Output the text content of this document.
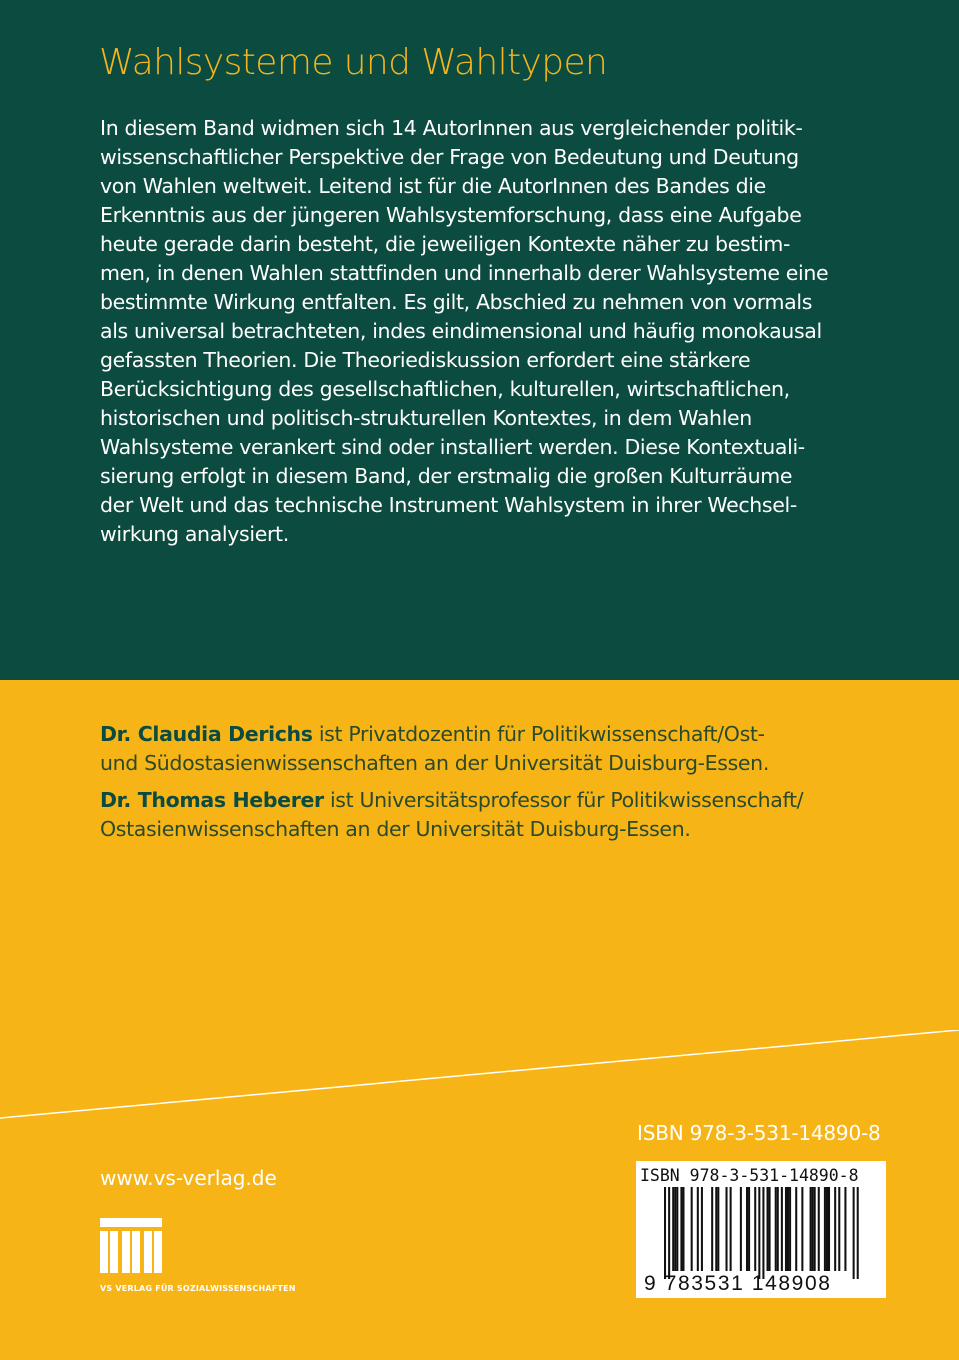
Wahlsysteme und Wahltypen
In diesem Band widmen sich 14 AutorInnen aus vergleichender politik-
wissenschaftlicher Perspektive der Frage von Bedeutung und Deutung
von Wahlen weltweit. Leitend ist für die AutorInnen des Bandes die
Erkenntnis aus der jüngeren Wahlsystemforschung, dass eine Aufgabe
heute gerade darin besteht, die jeweiligen Kontexte näher zu bestim-
men, in denen Wahlen stattfinden und innerhalb derer Wahlsysteme eine
bestimmte Wirkung entfalten. Es gilt, Abschied zu nehmen von vormals
als universal betrachteten, indes eindimensional und häufig monokausal
gefassten Theorien. Die Theoriediskussion erfordert eine stärkere
Berücksichtigung des gesellschaftlichen, kulturellen, wirtschaftlichen,
historischen und politisch-strukturellen Kontextes, in dem Wahlen
Wahlsysteme verankert sind oder installiert werden. Diese Kontextuali-
sierung erfolgt in diesem Band, der erstmalig die großen Kulturräume
der Welt und das technische Instrument Wahlsystem in ihrer Wechsel-
wirkung analysiert.
Dr. Claudia Derichs ist Privatdozentin für Politikwissenschaft/Ost-
und Südostasienwissenschaften an der Universität Duisburg-Essen.
Dr. Thomas Heberer ist Universitätsprofessor für Politikwissenschaft/
Ostasienwissenschaften an der Universität Duisburg-Essen.
ISBN 978-3-531-14890-8
www.vs-verlag.de
VS VERLAG FÜR SOZIALWISSENSCHAFTEN
ISBN 978-3-531-14890-8
9 783531 148908
